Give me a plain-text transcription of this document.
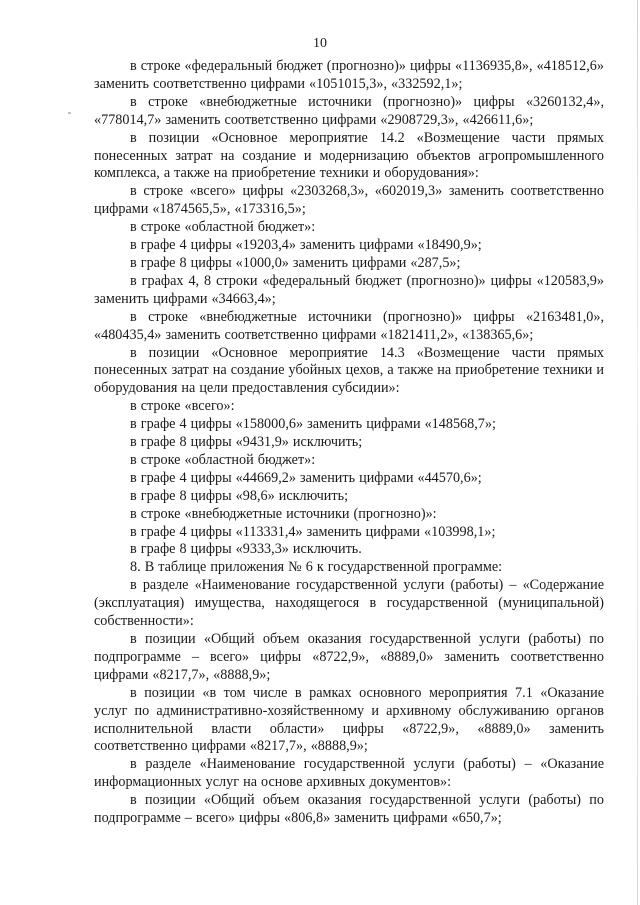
10

в строке «федеральный бюджет (прогнозно)» цифры «1136935,8», «418512,6» заменить соответственно цифрами «1051015,3», «332592,1»;

в строке «внебюджетные источники (прогнозно)» цифры «3260132,4», «778014,7» заменить соответственно цифрами «2908729,3», «426611,6»;

в позиции «Основное мероприятие 14.2 «Возмещение части прямых понесенных затрат на создание и модернизацию объектов агропромышленного комплекса, а также на приобретение техники и оборудования»:

в строке «всего» цифры «2303268,3», «602019,3» заменить соответственно цифрами «1874565,5», «173316,5»;

в строке «областной бюджет»:

в графе 4 цифры «19203,4» заменить цифрами «18490,9»;

в графе 8 цифры «1000,0» заменить цифрами «287,5»;

в графах 4, 8 строки «федеральный бюджет (прогнозно)» цифры «120583,9» заменить цифрами «34663,4»;

в строке «внебюджетные источники (прогнозно)» цифры «2163481,0», «480435,4» заменить соответственно цифрами «1821411,2», «138365,6»;

в позиции «Основное мероприятие 14.3 «Возмещение части прямых понесенных затрат на создание убойных цехов, а также на приобретение техники и оборудования на цели предоставления субсидии»:

в строке «всего»:

в графе 4 цифры «158000,6» заменить цифрами «148568,7»;

в графе 8 цифры «9431,9» исключить;

в строке «областной бюджет»:

в графе 4 цифры «44669,2» заменить цифрами «44570,6»;

в графе 8 цифры «98,6» исключить;

в строке «внебюджетные источники (прогнозно)»:

в графе 4 цифры «113331,4» заменить цифрами «103998,1»;

в графе 8 цифры «9333,3» исключить.

8. В таблице приложения № 6 к государственной программе:

в разделе «Наименование государственной услуги (работы) – «Содержание (эксплуатация) имущества, находящегося в государственной (муниципальной) собственности»:

в позиции «Общий объем оказания государственной услуги (работы) по подпрограмме – всего» цифры «8722,9», «8889,0» заменить соответственно цифрами «8217,7», «8888,9»;

в позиции «в том числе в рамках основного мероприятия 7.1 «Оказание услуг по административно-хозяйственному и архивному обслуживанию органов исполнительной власти области» цифры «8722,9», «8889,0» заменить соответственно цифрами «8217,7», «8888,9»;

в разделе «Наименование государственной услуги (работы) – «Оказание информационных услуг на основе архивных документов»:

в позиции «Общий объем оказания государственной услуги (работы) по подпрограмме – всего» цифры «806,8» заменить цифрами «650,7»;
